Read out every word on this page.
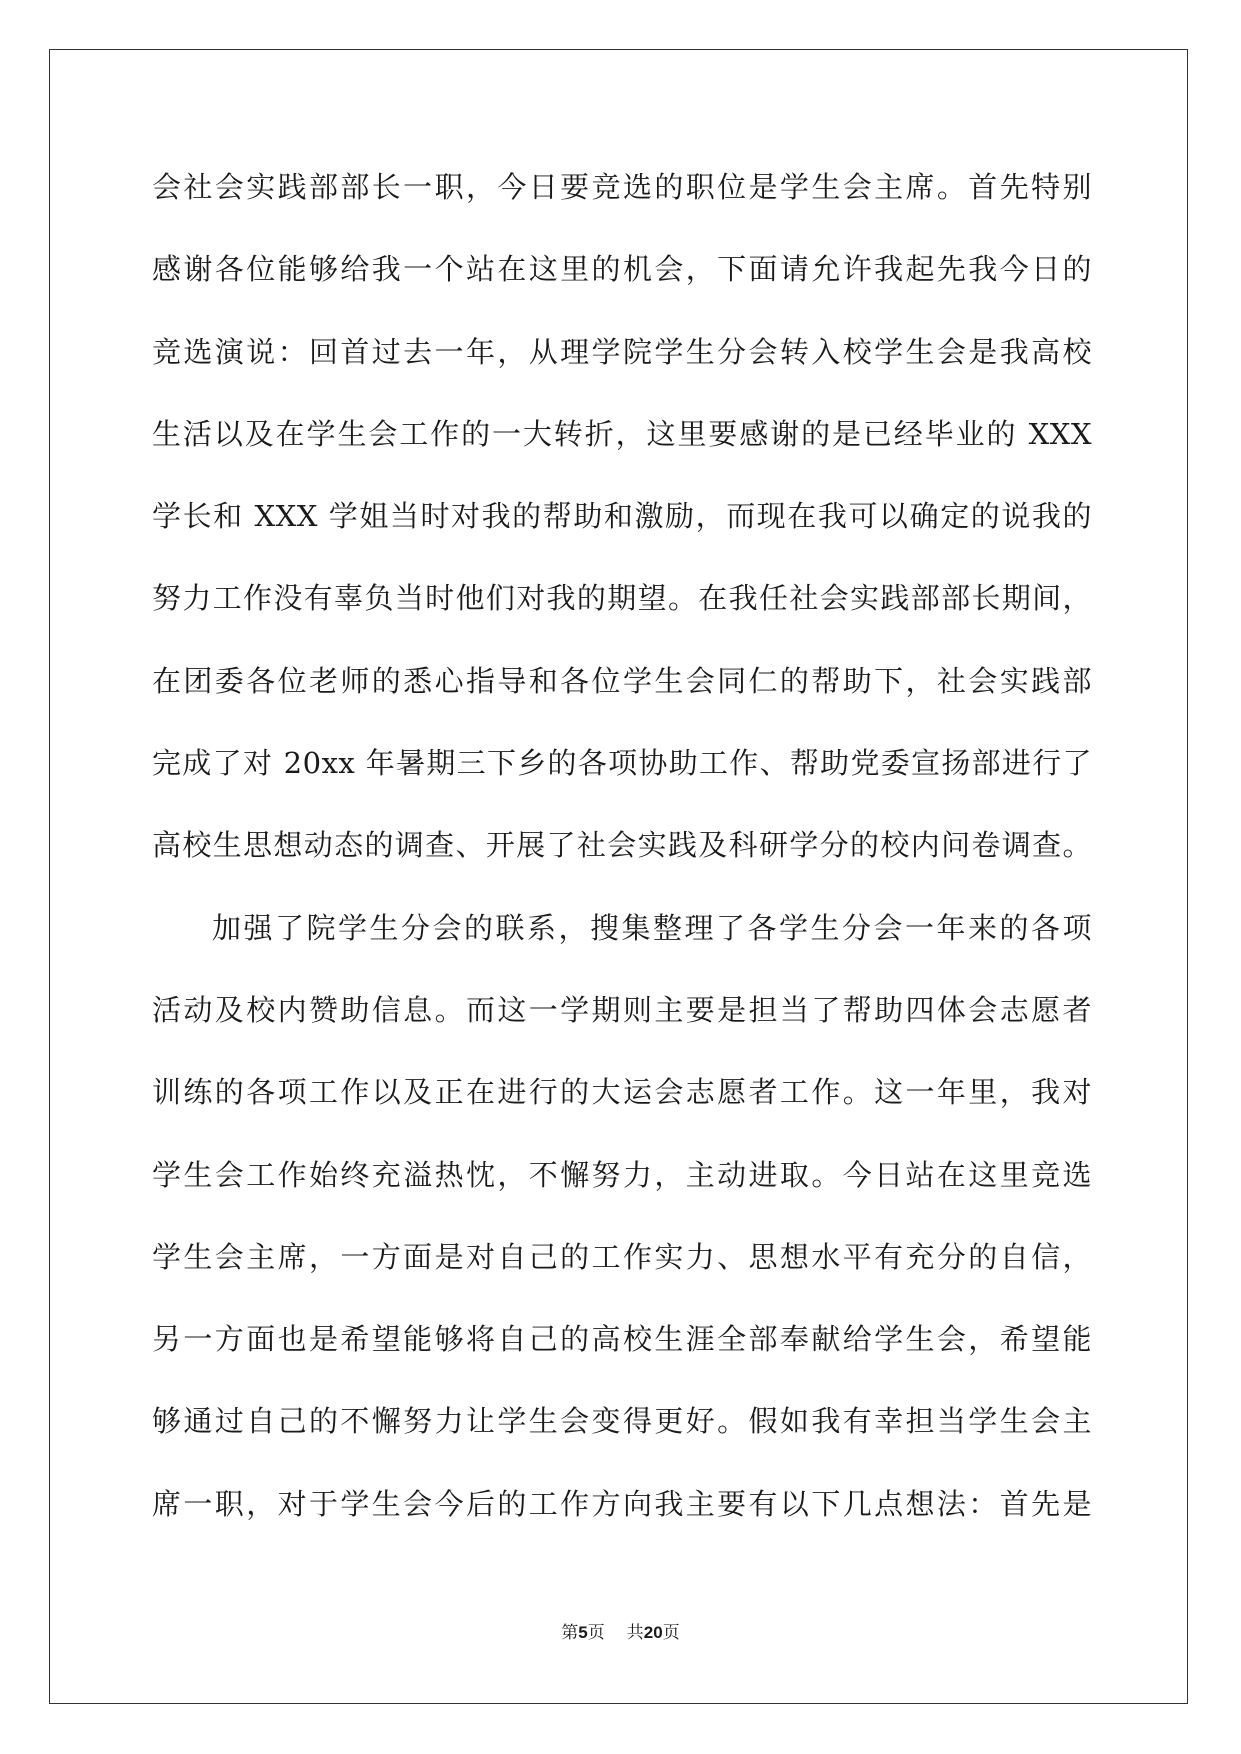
会社会实践部部长一职，今日要竞选的职位是学生会主席。首先特别
感谢各位能够给我一个站在这里的机会，下面请允许我起先我今日的
竞选演说：回首过去一年，从理学院学生分会转入校学生会是我高校
生活以及在学生会工作的一大转折，这里要感谢的是已经毕业的 XXX
学长和 XXX 学姐当时对我的帮助和激励，而现在我可以确定的说我的
努力工作没有辜负当时他们对我的期望。在我任社会实践部部长期间，
在团委各位老师的悉心指导和各位学生会同仁的帮助下，社会实践部
完成了对 20xx 年暑期三下乡的各项协助工作、帮助党委宣扬部进行了
高校生思想动态的调查、开展了社会实践及科研学分的校内问卷调查。
加强了院学生分会的联系，搜集整理了各学生分会一年来的各项
活动及校内赞助信息。而这一学期则主要是担当了帮助四体会志愿者
训练的各项工作以及正在进行的大运会志愿者工作。这一年里，我对
学生会工作始终充溢热忱，不懈努力，主动进取。今日站在这里竞选
学生会主席，一方面是对自己的工作实力、思想水平有充分的自信，
另一方面也是希望能够将自己的高校生涯全部奉献给学生会，希望能
够通过自己的不懈努力让学生会变得更好。假如我有幸担当学生会主
席一职，对于学生会今后的工作方向我主要有以下几点想法：首先是
第5页 共20页
